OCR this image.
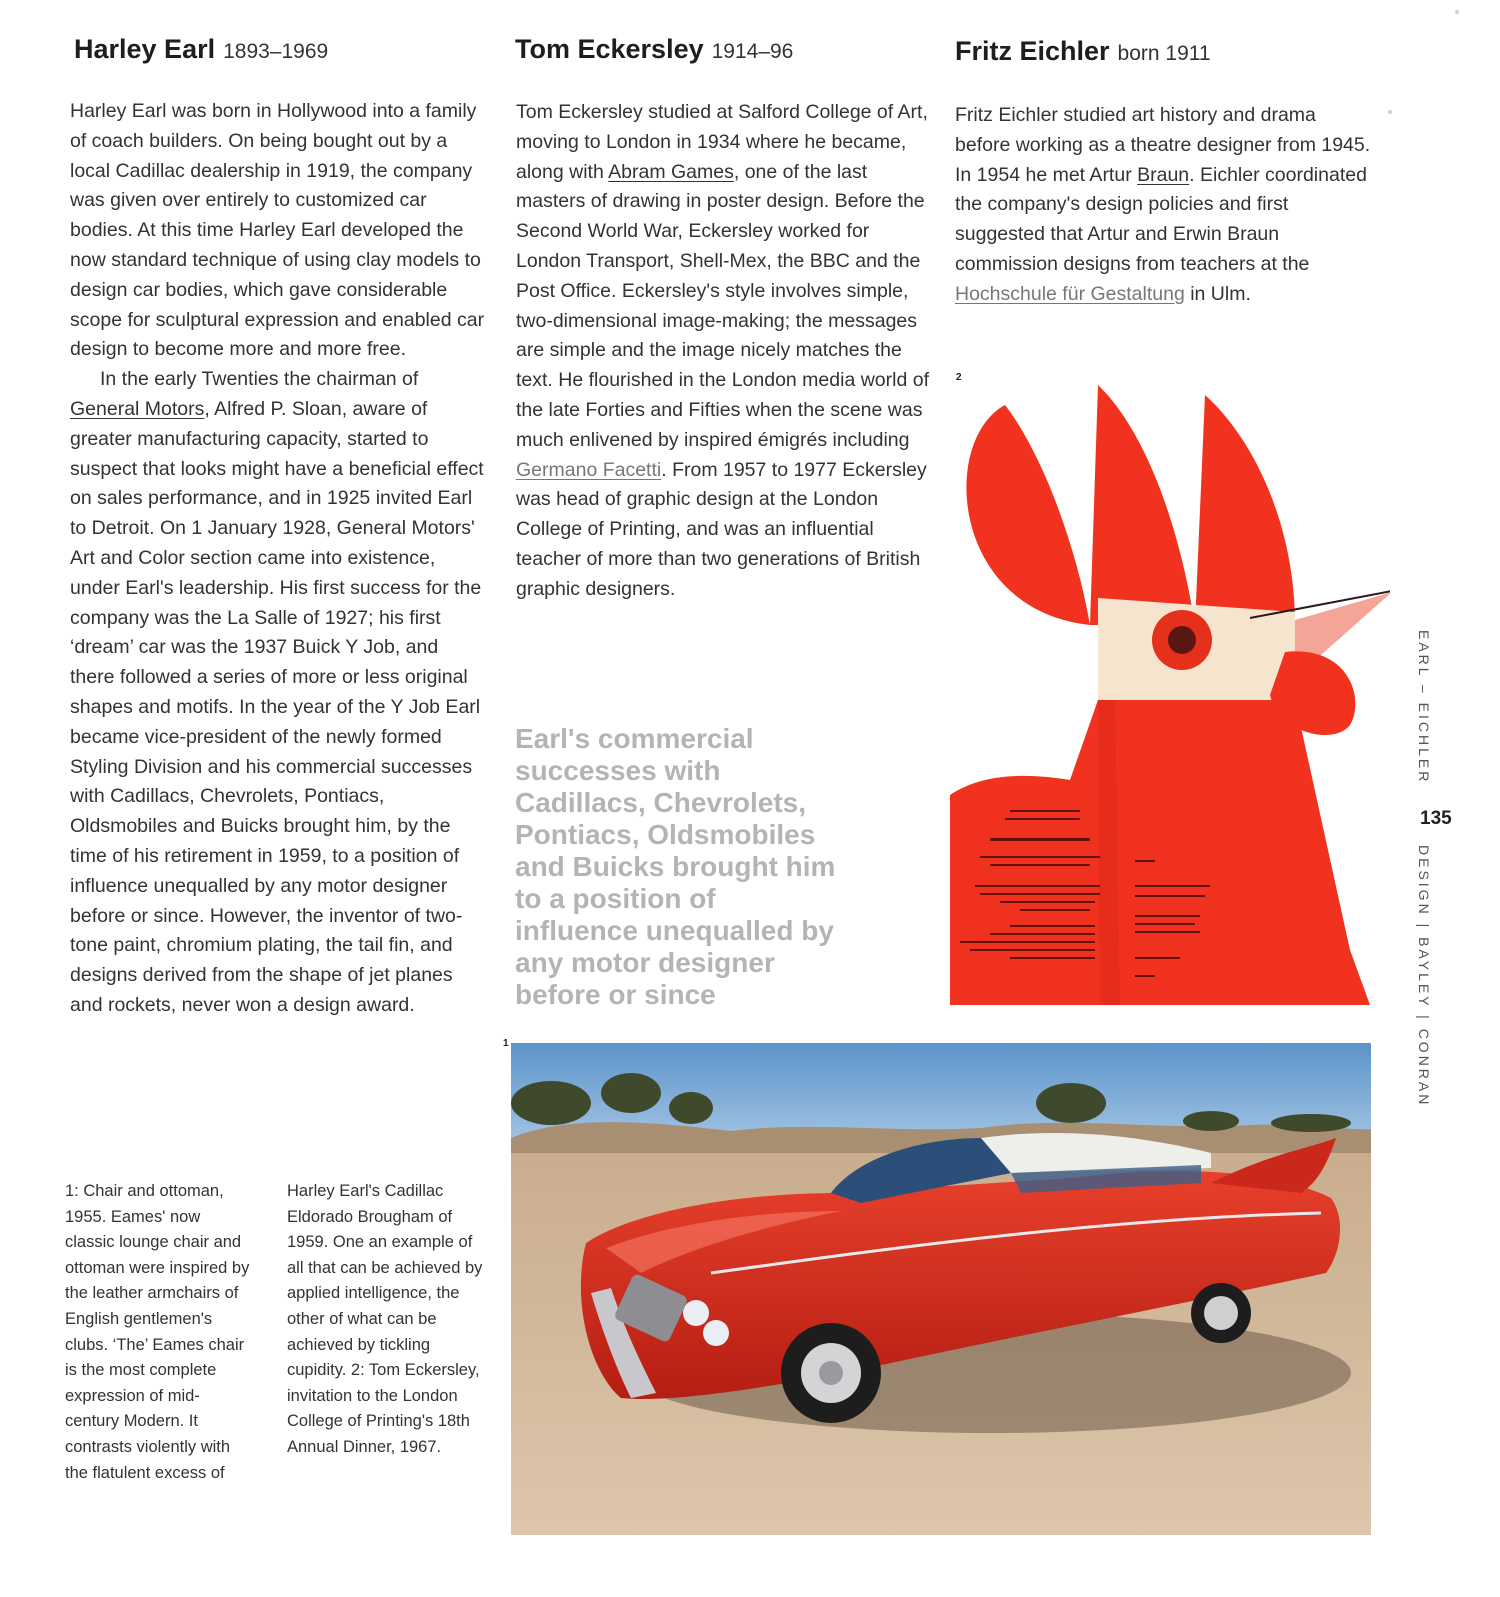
Harley Earl 1893–1969	Tom Eckersley 1914–96	Fritz Eichler born 1911

Harley Earl was born in Hollywood into a family of coach builders. On being bought out by a local Cadillac dealership in 1919, the company was given over entirely to customized car bodies. At this time Harley Earl developed the now standard technique of using clay models to design car bodies, which gave considerable scope for sculptural expression and enabled car design to become more and more free.

In the early Twenties the chairman of General Motors, Alfred P. Sloan, aware of greater manufacturing capacity, started to suspect that looks might have a beneficial effect on sales performance, and in 1925 invited Earl to Detroit. On 1 January 1928, General Motors' Art and Color section came into existence, under Earl's leadership. His first success for the company was the La Salle of 1927; his first ‘dream’ car was the 1937 Buick Y Job, and there followed a series of more or less original shapes and motifs. In the year of the Y Job Earl became vice-president of the newly formed Styling Division and his commercial successes with Cadillacs, Chevrolets, Pontiacs, Oldsmobiles and Buicks brought him, by the time of his retirement in 1959, to a position of influence unequalled by any motor designer before or since. However, the inventor of two-tone paint, chromium plating, the tail fin, and designs derived from the shape of jet planes and rockets, never won a design award.

Tom Eckersley studied at Salford College of Art, moving to London in 1934 where he became, along with Abram Games, one of the last masters of drawing in poster design. Before the Second World War, Eckersley worked for London Transport, Shell-Mex, the BBC and the Post Office. Eckersley's style involves simple, two-dimensional image-making; the messages are simple and the image nicely matches the text. He flourished in the London media world of the late Forties and Fifties when the scene was much enlivened by inspired émigrés including Germano Facetti. From 1957 to 1977 Eckersley was head of graphic design at the London College of Printing, and was an influential teacher of more than two generations of British graphic designers.

Fritz Eichler studied art history and drama before working as a theatre designer from 1945. In 1954 he met Artur Braun. Eichler coordinated the company's design policies and first suggested that Artur and Erwin Braun commission designs from teachers at the Hochschule für Gestaltung in Ulm.

Earl's commercial successes with Cadillacs, Chevrolets, Pontiacs, Oldsmobiles and Buicks brought him to a position of influence unequalled by any motor designer before or since

2
1
1: Chair and ottoman, 1955. Eames' now classic lounge chair and ottoman were inspired by the leather armchairs of English gentlemen's clubs. ‘The’ Eames chair is the most complete expression of mid-century Modern. It contrasts violently with the flatulent excess of
Harley Earl's Cadillac Eldorado Brougham of 1959. One an example of all that can be achieved by applied intelligence, the other of what can be achieved by tickling cupidity. 2: Tom Eckersley, invitation to the London College of Printing's 18th Annual Dinner, 1967.
EARL – EICHLER
135
DESIGN | BAYLEY | CONRAN
